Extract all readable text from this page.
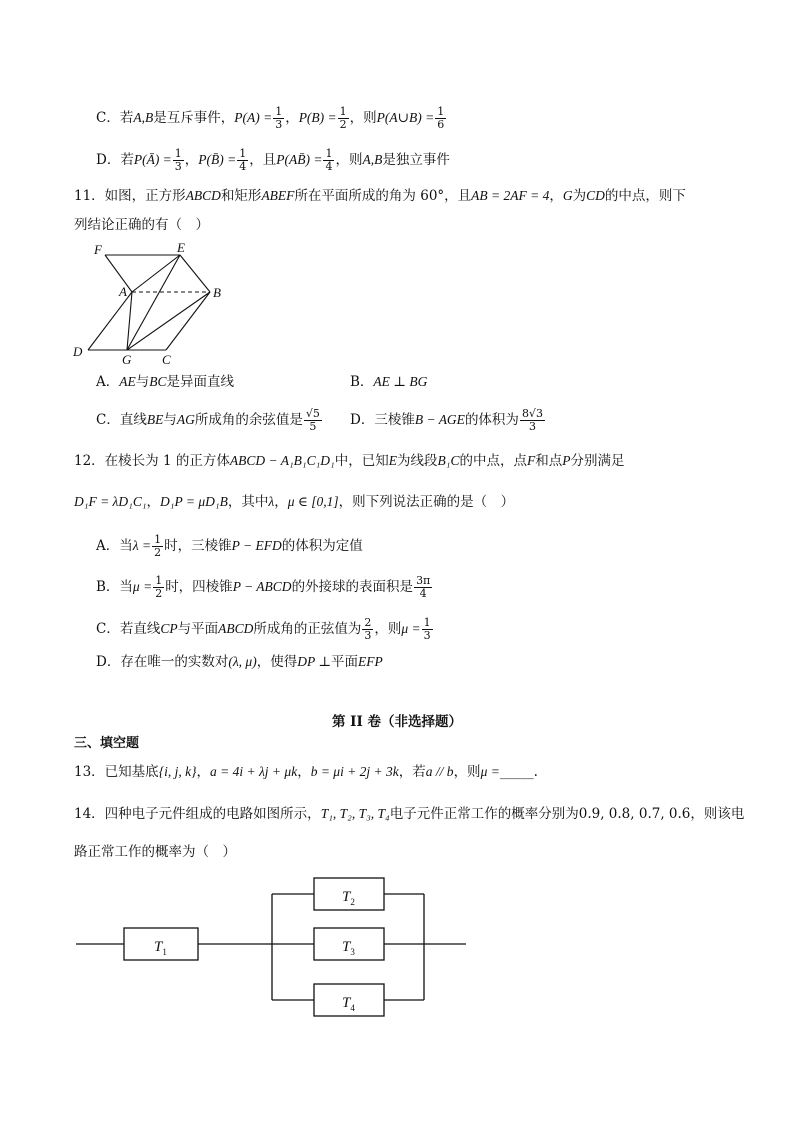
C．若A,B是互斥事件，$P(A) = \frac{1}{3}$ ，$P(B) = \frac{1}{2}$ ，则P(A∪B) = $\frac{1}{6}$
D．若P(Ā) = $\frac{1}{3}$ ，P(B̄) = $\frac{1}{4}$ ，且P(AB̄) = $\frac{1}{4}$ ，则A,B是独立事件
11．如图，正方形ABCD和矩形ABEF所在平面所成的角为 60°，且AB = 2AF = 4，G为CD的中点，则下
列结论正确的有（　）
F	E
A	B
D
G C
A．AE与BC是异面直线	B．AE ⊥ BG
C．直线BE与AG所成角的余弦值是 $\frac{√5}{5}$ D．三棱锥B − AGE的体积为 $\frac{8√3}{3}$
12．在棱长为 1 的正方体ABCD − A₁B₁C₁D₁中，已知E为线段B₁C的中点，点F和点P分别满足
D₁F = λD₁C₁，D₁P = μD₁B，其中λ，μ ∈ [0,1]，则下列说法正确的是（　）
A．当$\lambda = \frac{1}{2}$ 时，三棱锥P − EFD的体积为定值
B．当$\mu = \frac{1}{2}$ 时，四棱锥P − ABCD的外接球的表面积是 $\frac{3\pi}{4}$
C．若直线CP与平面ABCD所成角的正弦值为 $\frac{2}{3}$ ，则$\mu = \frac{1}{3}$
D．存在唯一的实数对(λ, μ)，使得DP ⊥平面EFP
第 II 卷（非选择题）
三、填空题
13．已知基底{i, j, k}，a = 4i + λj + μk，b = μi + 2j + 3k，若a // b，则μ =_____.
14．四种电子元件组成的电路如图所示，T₁, T₂, T₃, T₄电子元件正常工作的概率分别为0.9, 0.8, 0.7, 0.6，则该电
路正常工作的概率为（　）
$T_1$
$T_2$
$T_3$
$T_4$
